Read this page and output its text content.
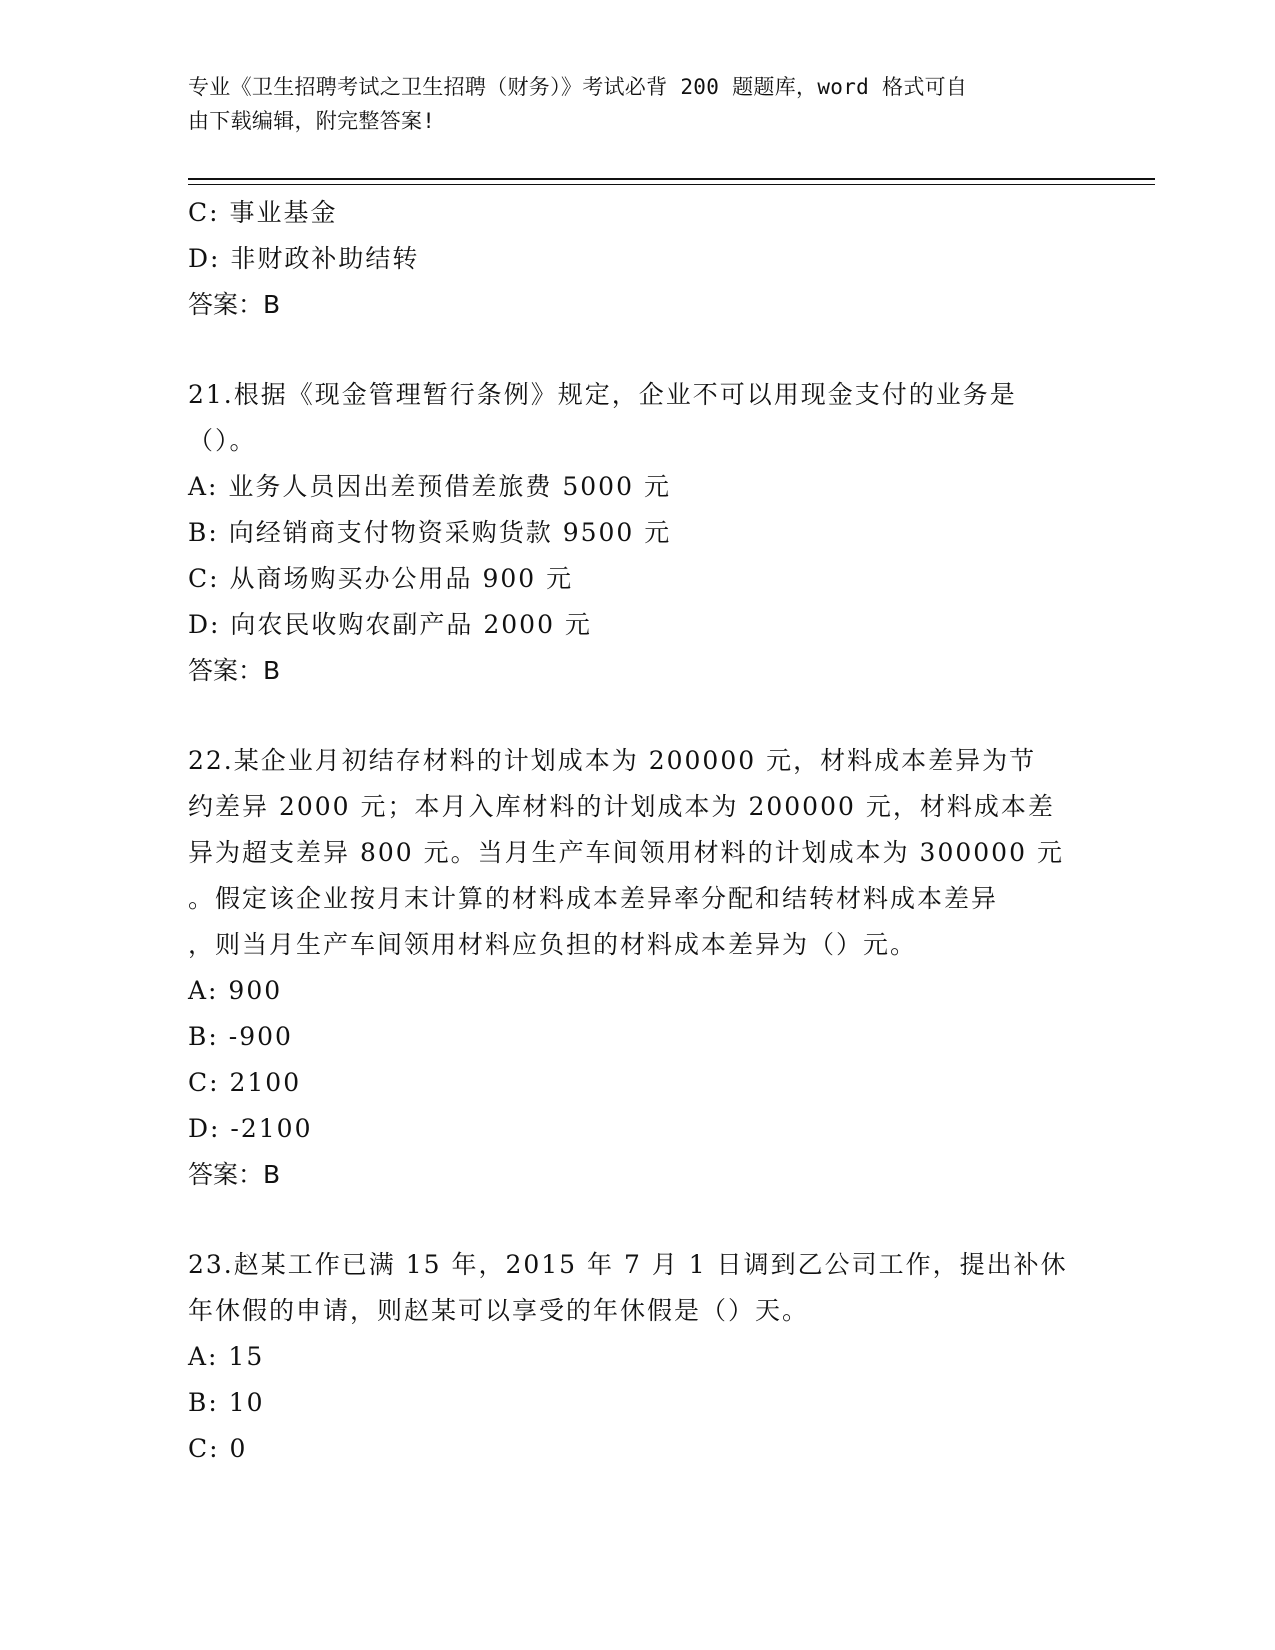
专业《卫生招聘考试之卫生招聘（财务）》考试必背 200 题题库，word 格式可自
由下载编辑，附完整答案!
C: 事业基金
D: 非财政补助结转
答案：B
21.根据《现金管理暂行条例》规定，企业不可以用现金支付的业务是
（）。
A: 业务人员因出差预借差旅费 5000 元
B: 向经销商支付物资采购货款 9500 元
C: 从商场购买办公用品 900 元
D: 向农民收购农副产品 2000 元
答案：B
22.某企业月初结存材料的计划成本为 200000 元，材料成本差异为节
约差异 2000 元；本月入库材料的计划成本为 200000 元，材料成本差
异为超支差异 800 元。当月生产车间领用材料的计划成本为 300000 元
。假定该企业按月末计算的材料成本差异率分配和结转材料成本差异
，则当月生产车间领用材料应负担的材料成本差异为（）元。
A: 900
B: -900
C: 2100
D: -2100
答案：B
23.赵某工作已满 15 年，2015 年 7 月 1 日调到乙公司工作，提出补休
年休假的申请，则赵某可以享受的年休假是（）天。
A: 15
B: 10
C: 0
